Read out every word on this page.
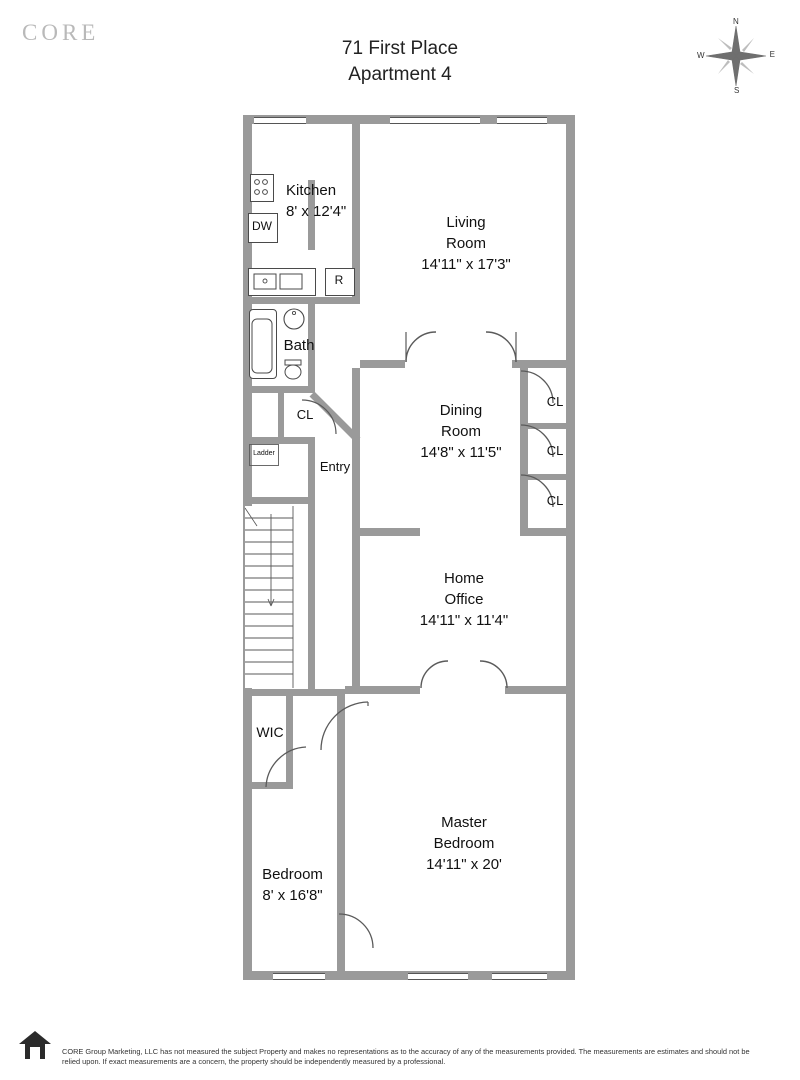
CORE
71 First Place
Apartment 4
N
E
S
W
DW
R
Ladder
Kitchen
8' x 12'4"
Living
Room
14'11" x 17'3"
Bath
Dining
Room
14'8" x 11'5"
Home
Office
14'11" x 11'4"
Master
Bedroom
14'11" x 20'
Bedroom
8' x 16'8"
WIC
Entry
CL
CL
CL
CL
CORE Group Marketing, LLC has not measured the subject Property and makes no representations as to the accuracy of any of the measurements provided. The measurements are estimates and should not be relied upon. If exact measurements are a concern, the property should be independently measured by a professional.
